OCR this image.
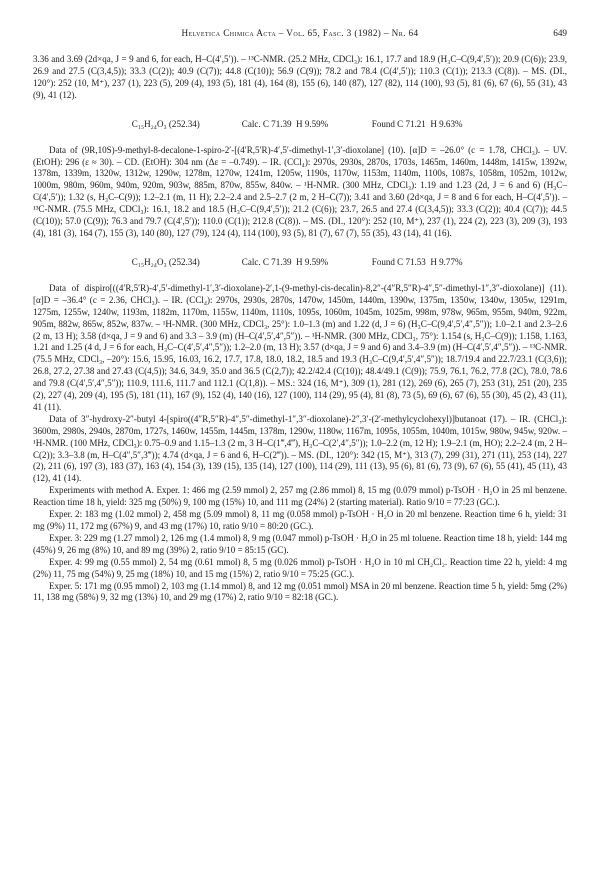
Helvetica Chimica Acta – Vol. 65, Fasc. 3 (1982) – Nr. 64	649

3.36 and 3.69 (2d×qa, J = 9 and 6, for each, H–C(4′,5′)). – ¹³C-NMR. (25.2 MHz, CDCl₃): 16.1, 17.7 and 18.9 (H₃C–C(9,4′,5′)); 20.9 (C(6)); 23.9, 26.9 and 27.5 (C(3,4,5)); 33.3 (C(2)); 40.9 (C(7)); 44.8 (C(10)); 56.9 (C(9)); 78.2 and 78.4 (C(4′,5′)); 110.3 (C(1)); 213.3 (C(8)). – MS. (DI., 120°): 252 (10, M⁺), 237 (1), 223 (5), 209 (4), 193 (5), 181 (4), 164 (8), 155 (6), 140 (87), 127 (82), 114 (100), 93 (5), 81 (6), 67 (6), 55 (31), 43 (9), 41 (12).

C₁₅H₂₄O₃ (252.34)	Calc. C 71.39  H 9.59%	Found C 71.21  H 9.63%

Data of (9R,10S)-9-methyl-8-decalone-1-spiro-2′-[(4′R,5′R)-4′,5′-dimethyl-1′,3′-dioxolane] (10). [α]D = –26.0° (c = 1.78, CHCl₃). – UV. (EtOH): 296 (ε ≈ 30). – CD. (EtOH): 304 nm (Δε = –0.749). – IR. (CCl₄): 2970s, 2930s, 2870s, 1703s, 1465m, 1460m, 1448m, 1415w, 1392w, 1378m, 1339m, 1320w, 1312w, 1290w, 1278m, 1270w, 1241m, 1205w, 1190s, 1170w, 1153m, 1140m, 1100s, 1087s, 1058m, 1052m, 1012w, 1000m, 980m, 960m, 940m, 920m, 903w, 885m, 870w, 855w, 840w. – ¹H-NMR. (300 MHz, CDCl₃): 1.19 and 1.23 (2d, J = 6 and 6) (H₃C–C(4′,5′)); 1.32 (s, H₃C–C(9)); 1.2–2.1 (m, 11 H); 2.2–2.4 and 2.5–2.7 (2 m, 2 H–C(7)); 3.41 and 3.60 (2d×qa, J = 8 and 6 for each, H–C(4′,5′)). – ¹³C-NMR. (75.5 MHz, CDCl₃): 16.1, 18.2 and 18.5 (H₃C–C(9,4′,5′)); 21.2 (C(6)); 23.7, 26.5 and 27.4 (C(3,4,5)); 33.3 (C(2)); 40.4 (C(7)); 44.5 (C(10)); 57.0 (C(9)); 76.3 and 79.7 (C(4′,5′)); 110.0 (C(1)); 212.8 (C(8)). – MS. (DI., 120°): 252 (10, M⁺), 237 (1), 224 (2), 223 (3), 209 (3), 193 (4), 181 (3), 164 (7), 155 (3), 140 (80), 127 (79), 124 (4), 114 (100), 93 (5), 81 (7), 67 (7), 55 (35), 43 (14), 41 (16).

C₁₅H₂₄O₃ (252.34)	Calc. C 71.39  H 9.59%	Found C 71.53  H 9.77%

Data of dispiro[((4′R,5′R)-4′,5′-dimethyl-1′,3′-dioxolane)-2′,1-(9-methyl-cis-decalin)-8,2″-(4″R,5″R)-4″,5″-dimethyl-1″,3″-dioxolane)] (11). [α]D = –36.4° (c = 2.36, CHCl₃). – IR. (CCl₄): 2970s, 2930s, 2870s, 1470w, 1450m, 1440m, 1390w, 1375m, 1350w, 1340w, 1305w, 1291m, 1275m, 1255w, 1240w, 1193m, 1182m, 1170m, 1155w, 1140m, 1110s, 1095s, 1060m, 1045m, 1025m, 998m, 978w, 965m, 955m, 940m, 922m, 905m, 882w, 865w, 852w, 837w. – ¹H-NMR. (300 MHz, CDCl₃, 25°): 1.0–1.3 (m) and 1.22 (d, J = 6) (H₃C–C(9,4′,5′,4″,5″)); 1.0–2.1 and 2.3–2.6 (2 m, 13 H); 3.58 (d×qa, J = 9 and 6) and 3.3 – 3.9 (m) (H–C(4′,5′,4″,5″)). – ¹H-NMR. (300 MHz, CDCl₃, 75°): 1.154 (s, H₃C–C(9)); 1.158, 1.163, 1.21 and 1.25 (4 d, J = 6 for each, H₃C–C(4′,5′,4″,5″)); 1.2–2.0 (m, 13 H); 3.57 (d×qa, J = 9 and 6) and 3.4–3.9 (m) (H–C(4′,5′,4″,5″)). – ¹³C-NMR. (75.5 MHz, CDCl₃, –20°): 15.6, 15.95, 16.03, 16.2, 17.7, 17.8, 18.0, 18.2, 18.5 and 19.3 (H₃C–C(9,4′,5′,4″,5″)); 18.7/19.4 and 22.7/23.1 (C(3,6)); 26.8, 27.2, 27.38 and 27.43 (C(4,5)); 34.6, 34.9, 35.0 and 36.5 (C(2,7)); 42.2/42.4 (C(10)); 48.4/49.1 (C(9)); 75.9, 76.1, 76.2, 77.8 (2C), 78.0, 78.6 and 79.8 (C(4′,5′,4″,5″)); 110.9, 111.6, 111.7 and 112.1 (C(1,8)). – MS.: 324 (16, M⁺), 309 (1), 281 (12), 269 (6), 265 (7), 253 (31), 251 (20), 235 (2), 227 (4), 209 (4), 195 (5), 181 (11), 167 (9), 152 (4), 140 (16), 127 (100), 114 (29), 95 (4), 81 (8), 73 (5), 69 (6), 67 (6), 55 (30), 45 (2), 43 (11), 41 (11).

Data of 3″-hydroxy-2″-butyl 4-[spiro((4″R,5″R)-4″,5″-dimethyl-1″,3″-dioxolane)-2″,3′-(2′-methylcyclohexyl)]butanoat (17). – IR. (CHCl₃): 3600m, 2980s, 2940s, 2870m, 1727s, 1460w, 1455m, 1445m, 1378m, 1290w, 1180w, 1167m, 1095s, 1055m, 1040m, 1015w, 980w, 945w, 920w. – ¹H-NMR. (100 MHz, CDCl₃): 0.75–0.9 and 1.15–1.3 (2 m, 3 H–C(1‴,4‴), H₃C–C(2′,4″,5″)); 1.0–2.2 (m, 12 H); 1.9–2.1 (m, HO); 2.2–2.4 (m, 2 H–C(2)); 3.3–3.8 (m, H–C(4″,5″,3‴)); 4.74 (d×qa, J = 6 and 6, H–C(2‴)). – MS. (DI., 120°): 342 (15, M⁺), 313 (7), 299 (31), 271 (11), 253 (14), 227 (2), 211 (6), 197 (3), 183 (37), 163 (4), 154 (3), 139 (15), 135 (14), 127 (100), 114 (29), 111 (13), 95 (6), 81 (6), 73 (9), 67 (6), 55 (41), 45 (11), 43 (12), 41 (14).

Experiments with method A. Exper. 1: 466 mg (2.59 mmol) 2, 257 mg (2.86 mmol) 8, 15 mg (0.079 mmol) p-TsOH · H₂O in 25 ml benzene. Reaction time 18 h, yield: 325 mg (50%) 9, 100 mg (15%) 10, and 111 mg (24%) 2 (starting material). Ratio 9/10 = 77:23 (GC.).

Exper. 2: 183 mg (1.02 mmol) 2, 458 mg (5.09 mmol) 8, 11 mg (0.058 mmol) p-TsOH · H₂O in 20 ml benzene. Reaction time 6 h, yield: 31 mg (9%) 11, 172 mg (67%) 9, and 43 mg (17%) 10, ratio 9/10 = 80:20 (GC.).

Exper. 3: 229 mg (1.27 mmol) 2, 126 mg (1.4 mmol) 8, 9 mg (0.047 mmol) p-TsOH · H₂O in 25 ml toluene. Reaction time 18 h, yield: 144 mg (45%) 9, 26 mg (8%) 10, and 89 mg (39%) 2, ratio 9/10 = 85:15 (GC).

Exper. 4: 99 mg (0.55 mmol) 2, 54 mg (0.61 mmol) 8, 5 mg (0.026 mmol) p-TsOH · H₂O in 10 ml CH₂Cl₂. Reaction time 22 h, yield: 4 mg (2%) 11, 75 mg (54%) 9, 25 mg (18%) 10, and 15 mg (15%) 2, ratio 9/10 = 75:25 (GC.).

Exper. 5: 171 mg (0.95 mmol) 2, 103 mg (1.14 mmol) 8, and 12 mg (0.051 mmol) MSA in 20 ml benzene. Reaction time 5 h, yield: 5mg (2%) 11, 138 mg (58%) 9, 32 mg (13%) 10, and 29 mg (17%) 2, ratio 9/10 = 82:18 (GC.).
